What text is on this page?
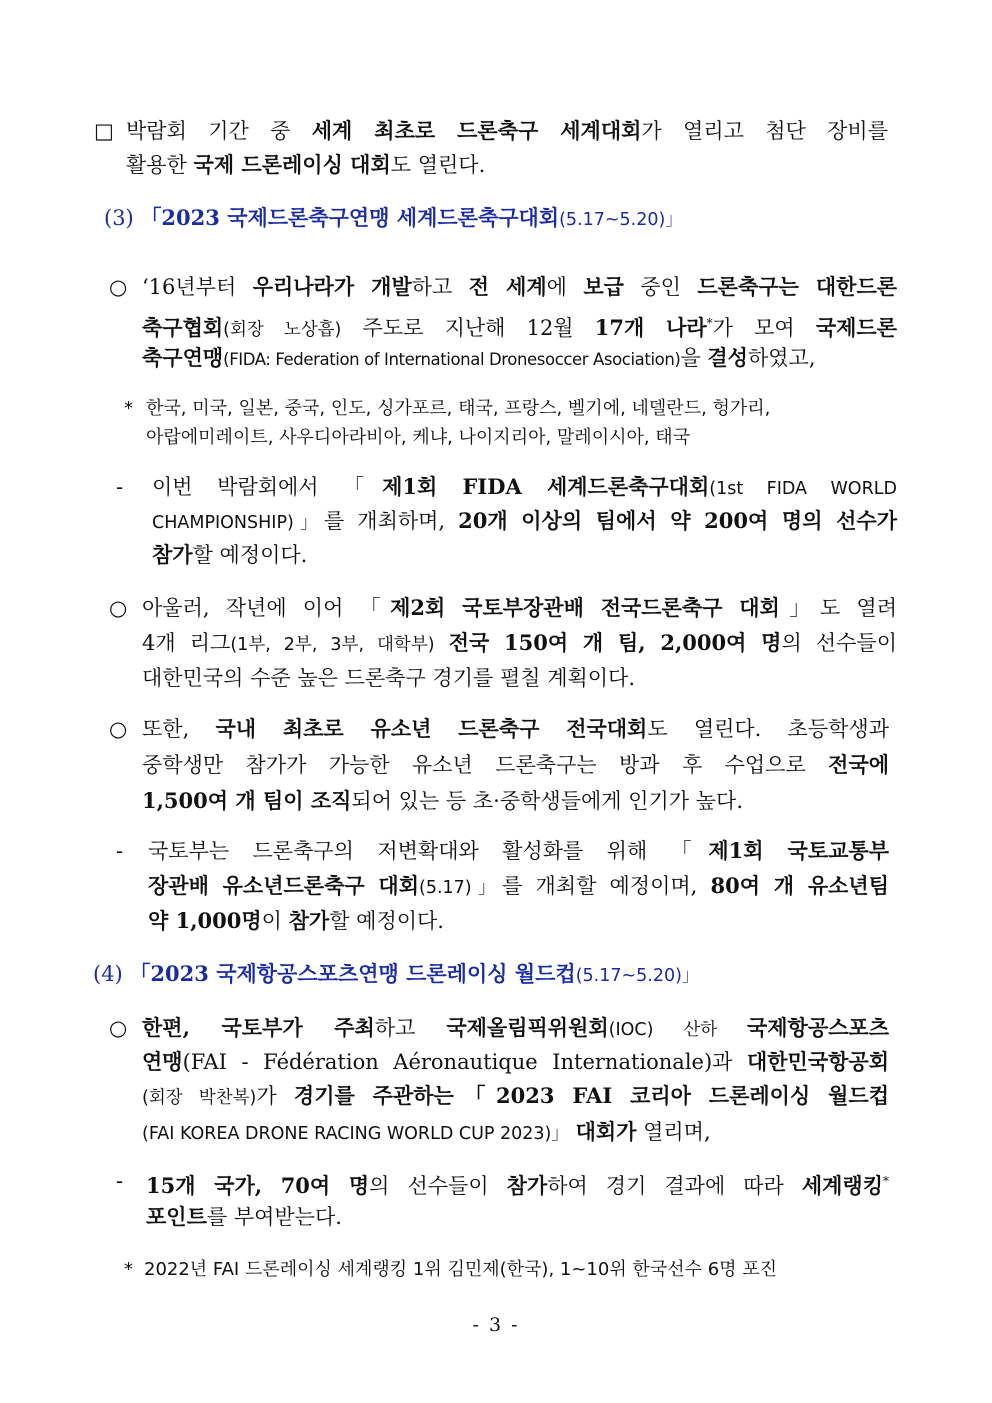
□ 박람회 기간 중 세계 최초로 드론축구 세계대회가 열리고 첨단 장비를
활용한 국제 드론레이싱 대회도 열린다.
(3) 「2023 국제드론축구연맹 세계드론축구대회(5.17~5.20)」
○ ‘16년부터 우리나라가 개발하고 전 세계에 보급 중인 드론축구는 대한드론
축구협회(회장 노상흡) 주도로 지난해 12월 17개 나라*가 모여 국제드론
축구연맹(FIDA: Federation of International Dronesoccer Asociation)을 결성하였고,
* 한국, 미국, 일본, 중국, 인도, 싱가포르, 태국, 프랑스, 벨기에, 네델란드, 헝가리,
아랍에미레이트, 사우디아라비아, 케냐, 나이지리아, 말레이시아, 태국
- 이번 박람회에서 「제1회 FIDA 세계드론축구대회(1st FIDA WORLD
CHAMPIONSHIP)」를 개최하며, 20개 이상의 팀에서 약 200여 명의 선수가
참가할 예정이다.
○ 아울러, 작년에 이어 「제2회 국토부장관배 전국드론축구 대회」도 열려
4개 리그(1부, 2부, 3부, 대학부) 전국 150여 개 팀, 2,000여 명의 선수들이
대한민국의 수준 높은 드론축구 경기를 펼칠 계획이다.
○ 또한, 국내 최초로 유소년 드론축구 전국대회도 열린다. 초등학생과
중학생만 참가가 가능한 유소년 드론축구는 방과 후 수업으로 전국에
1,500여 개 팀이 조직되어 있는 등 초·중학생들에게 인기가 높다.
- 국토부는 드론축구의 저변확대와 활성화를 위해 「제1회 국토교통부
장관배 유소년드론축구 대회(5.17)」를 개최할 예정이며, 80여 개 유소년팀
약 1,000명이 참가할 예정이다.
(4) 「2023 국제항공스포츠연맹 드론레이싱 월드컵(5.17~5.20)」
○ 한편, 국토부가 주최하고 국제올림픽위원회(IOC) 산하 국제항공스포츠
연맹(FAI - Fédération Aéronautique Internationale)과 대한민국항공회
(회장 박찬복)가 경기를 주관하는「2023 FAI 코리아 드론레이싱 월드컵
(FAI KOREA DRONE RACING WORLD CUP 2023)」 대회가 열리며,
- 15개 국가, 70여 명의 선수들이 참가하여 경기 결과에 따라 세계랭킹*
포인트를 부여받는다.
* 2022년 FAI 드론레이싱 세계랭킹 1위 김민제(한국), 1~10위 한국선수 6명 포진
- 3 -
